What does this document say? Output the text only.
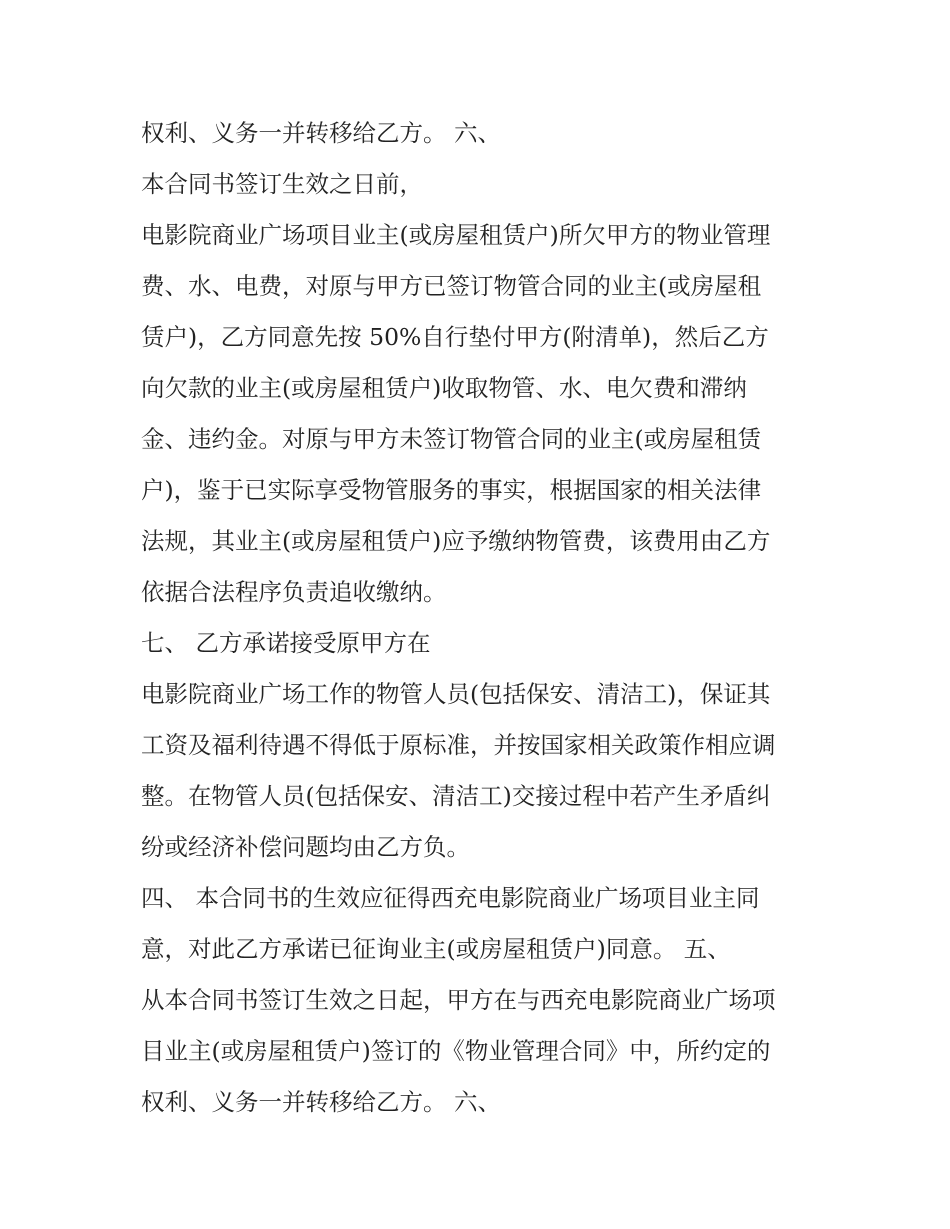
权利、义务一并转移给乙方。 六、
本合同书签订生效之日前，
电影院商业广场项目业主(或房屋租赁户)所欠甲方的物业管理
费、水、电费，对原与甲方已签订物管合同的业主(或房屋租
赁户)，乙方同意先按 50%自行垫付甲方(附清单)，然后乙方
向欠款的业主(或房屋租赁户)收取物管、水、电欠费和滞纳
金、违约金。对原与甲方未签订物管合同的业主(或房屋租赁
户)，鉴于已实际享受物管服务的事实，根据国家的相关法律
法规，其业主(或房屋租赁户)应予缴纳物管费，该费用由乙方
依据合法程序负责追收缴纳。
七、 乙方承诺接受原甲方在
电影院商业广场工作的物管人员(包括保安、清洁工)，保证其
工资及福利待遇不得低于原标准，并按国家相关政策作相应调
整。在物管人员(包括保安、清洁工)交接过程中若产生矛盾纠
纷或经济补偿问题均由乙方负。
四、 本合同书的生效应征得西充电影院商业广场项目业主同
意，对此乙方承诺已征询业主(或房屋租赁户)同意。 五、
从本合同书签订生效之日起，甲方在与西充电影院商业广场项
目业主(或房屋租赁户)签订的《物业管理合同》中，所约定的
权利、义务一并转移给乙方。 六、
